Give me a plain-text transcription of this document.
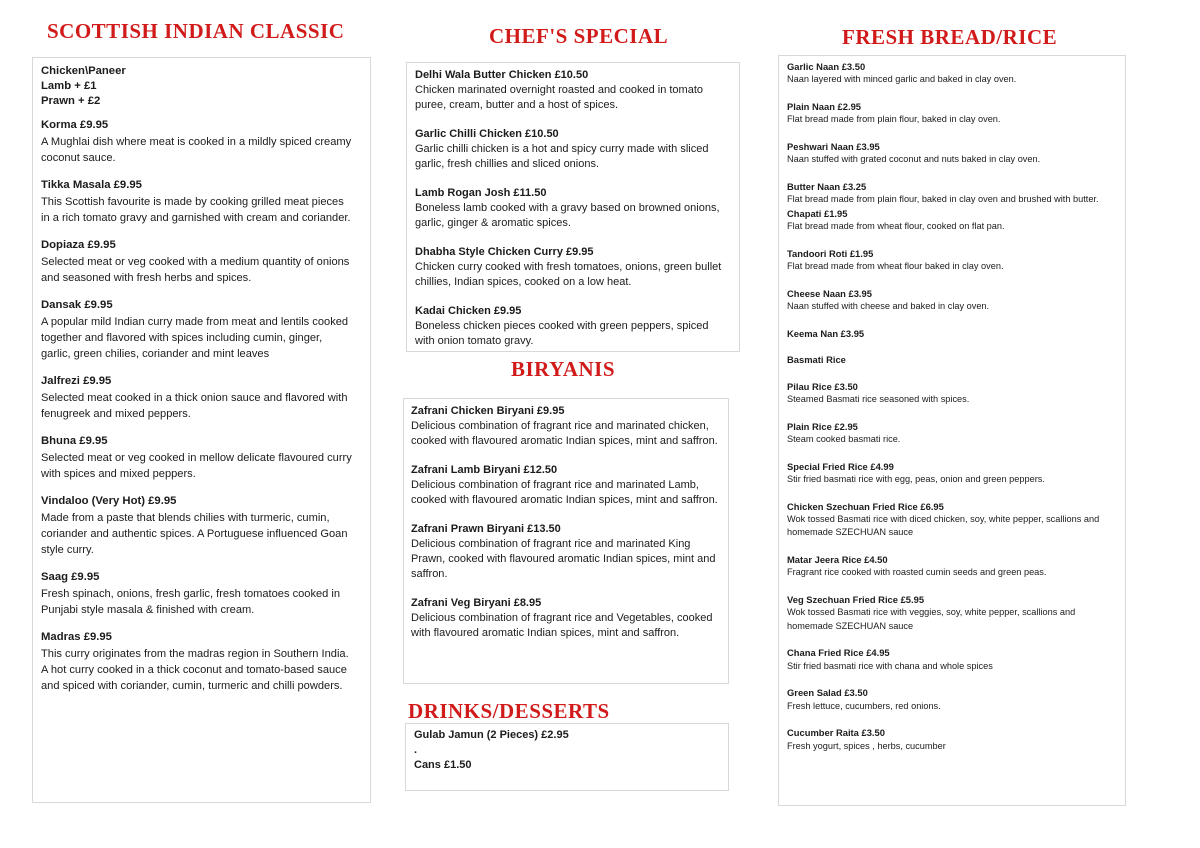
SCOTTISH INDIAN CLASSIC
Chicken\Paneer
Lamb + £1
Prawn + £2
Korma £9.95
A Mughlai dish where meat is cooked in a mildly spiced creamy coconut sauce.
Tikka Masala £9.95
This Scottish favourite is made by cooking grilled meat pieces in a rich tomato gravy and garnished with cream and coriander.
Dopiaza £9.95
Selected meat or veg cooked with a medium quantity of onions and seasoned with fresh herbs and spices.
Dansak £9.95
A popular mild Indian curry made from meat and lentils cooked together and flavored with spices including cumin, ginger, garlic, green chilies, coriander and mint leaves
Jalfrezi £9.95
Selected meat cooked in a thick onion sauce and flavored with fenugreek and mixed peppers.
Bhuna £9.95
Selected meat or veg cooked in mellow delicate flavoured curry with spices and mixed peppers.
Vindaloo (Very Hot) £9.95
Made from a paste that blends chilies with turmeric, cumin, coriander and authentic spices. A Portuguese influenced Goan style curry.
Saag £9.95
Fresh spinach, onions, fresh garlic, fresh tomatoes cooked in Punjabi style masala & finished with cream.
Madras £9.95
This curry originates from the madras region in Southern India. A hot curry cooked in a thick coconut and tomato-based sauce and spiced with coriander, cumin, turmeric and chilli powders.
CHEF'S SPECIAL
Delhi Wala Butter Chicken £10.50
Chicken marinated overnight roasted and cooked in tomato puree, cream, butter and a host of spices.
Garlic Chilli Chicken £10.50
Garlic chilli chicken is a hot and spicy curry made with sliced garlic, fresh chillies and sliced onions.
Lamb Rogan Josh £11.50
Boneless lamb cooked with a gravy based on browned onions, garlic, ginger & aromatic spices.
Dhabha Style Chicken Curry £9.95
Chicken curry cooked with fresh tomatoes, onions, green bullet chillies, Indian spices, cooked on a low heat.
Kadai Chicken £9.95
Boneless chicken pieces cooked with green peppers, spiced with onion tomato gravy.
BIRYANIS
Zafrani Chicken Biryani £9.95
Delicious combination of fragrant rice and marinated chicken, cooked with flavoured aromatic Indian spices, mint and saffron.
Zafrani Lamb Biryani £12.50
Delicious combination of fragrant rice and marinated Lamb, cooked with flavoured aromatic Indian spices, mint and saffron.
Zafrani Prawn Biryani £13.50
Delicious combination of fragrant rice and marinated King Prawn, cooked with flavoured aromatic Indian spices, mint and saffron.
Zafrani Veg Biryani £8.95
Delicious combination of fragrant rice and Vegetables, cooked with flavoured aromatic Indian spices, mint and saffron.
DRINKS/DESSERTS
Gulab Jamun (2 Pieces) £2.95
.
Cans £1.50
FRESH BREAD/RICE
Garlic Naan £3.50
Naan layered with minced garlic and baked in clay oven.
Plain Naan £2.95
Flat bread made from plain flour, baked in clay oven.
Peshwari Naan £3.95
Naan stuffed with grated coconut and nuts baked in clay oven.
Butter Naan £3.25
Flat bread made from plain flour, baked in clay oven and brushed with butter.
Chapati £1.95
Flat bread made from wheat flour, cooked on flat pan.
Tandoori Roti £1.95
Flat bread made from wheat flour baked in clay oven.
Cheese Naan £3.95
Naan stuffed with cheese and baked in clay oven.
Keema Nan £3.95
Basmati Rice
Pilau Rice £3.50
Steamed Basmati rice seasoned with spices.
Plain Rice £2.95
Steam cooked basmati rice.
Special Fried Rice £4.99
Stir fried basmati rice with egg, peas, onion and green peppers.
Chicken Szechuan Fried Rice £6.95
Wok tossed Basmati rice with diced chicken, soy, white pepper, scallions and homemade SZECHUAN sauce
Matar Jeera Rice £4.50
Fragrant rice cooked with roasted cumin seeds and green peas.
Veg Szechuan Fried Rice £5.95
Wok tossed Basmati rice with veggies, soy, white pepper, scallions and homemade SZECHUAN sauce
Chana Fried Rice £4.95
Stir fried basmati rice with chana and whole spices
Green Salad £3.50
Fresh lettuce, cucumbers, red onions.
Cucumber Raita £3.50
Fresh yogurt, spices , herbs, cucumber
